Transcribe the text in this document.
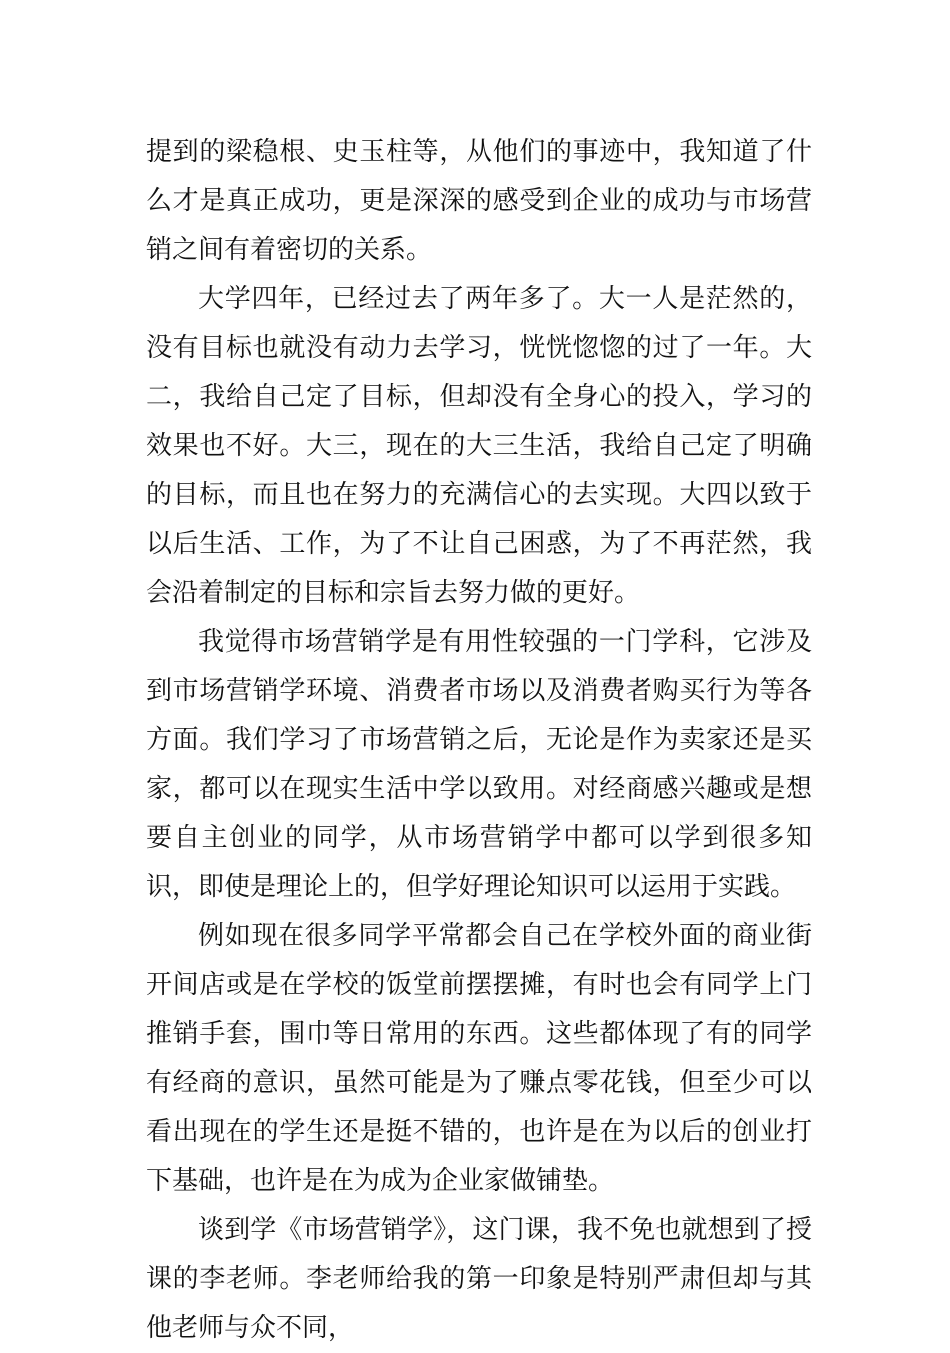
提到的梁稳根、史玉柱等，从他们的事迹中，我知道了什么才是真正成功，更是深深的感受到企业的成功与市场营销之间有着密切的关系。

大学四年，已经过去了两年多了。大一人是茫然的，没有目标也就没有动力去学习，恍恍惚惚的过了一年。大二，我给自己定了目标，但却没有全身心的投入，学习的效果也不好。大三，现在的大三生活，我给自己定了明确的目标，而且也在努力的充满信心的去实现。大四以致于以后生活、工作，为了不让自己困惑，为了不再茫然，我会沿着制定的目标和宗旨去努力做的更好。

我觉得市场营销学是有用性较强的一门学科，它涉及到市场营销学环境、消费者市场以及消费者购买行为等各方面。我们学习了市场营销之后，无论是作为卖家还是买家，都可以在现实生活中学以致用。对经商感兴趣或是想要自主创业的同学，从市场营销学中都可以学到很多知识，即使是理论上的，但学好理论知识可以运用于实践。

例如现在很多同学平常都会自己在学校外面的商业街开间店或是在学校的饭堂前摆摆摊，有时也会有同学上门推销手套，围巾等日常用的东西。这些都体现了有的同学有经商的意识，虽然可能是为了赚点零花钱，但至少可以看出现在的学生还是挺不错的，也许是在为以后的创业打下基础，也许是在为成为企业家做铺垫。

谈到学《市场营销学》，这门课，我不免也就想到了授课的李老师。李老师给我的第一印象是特别严肃但却与其他老师与众不同，
